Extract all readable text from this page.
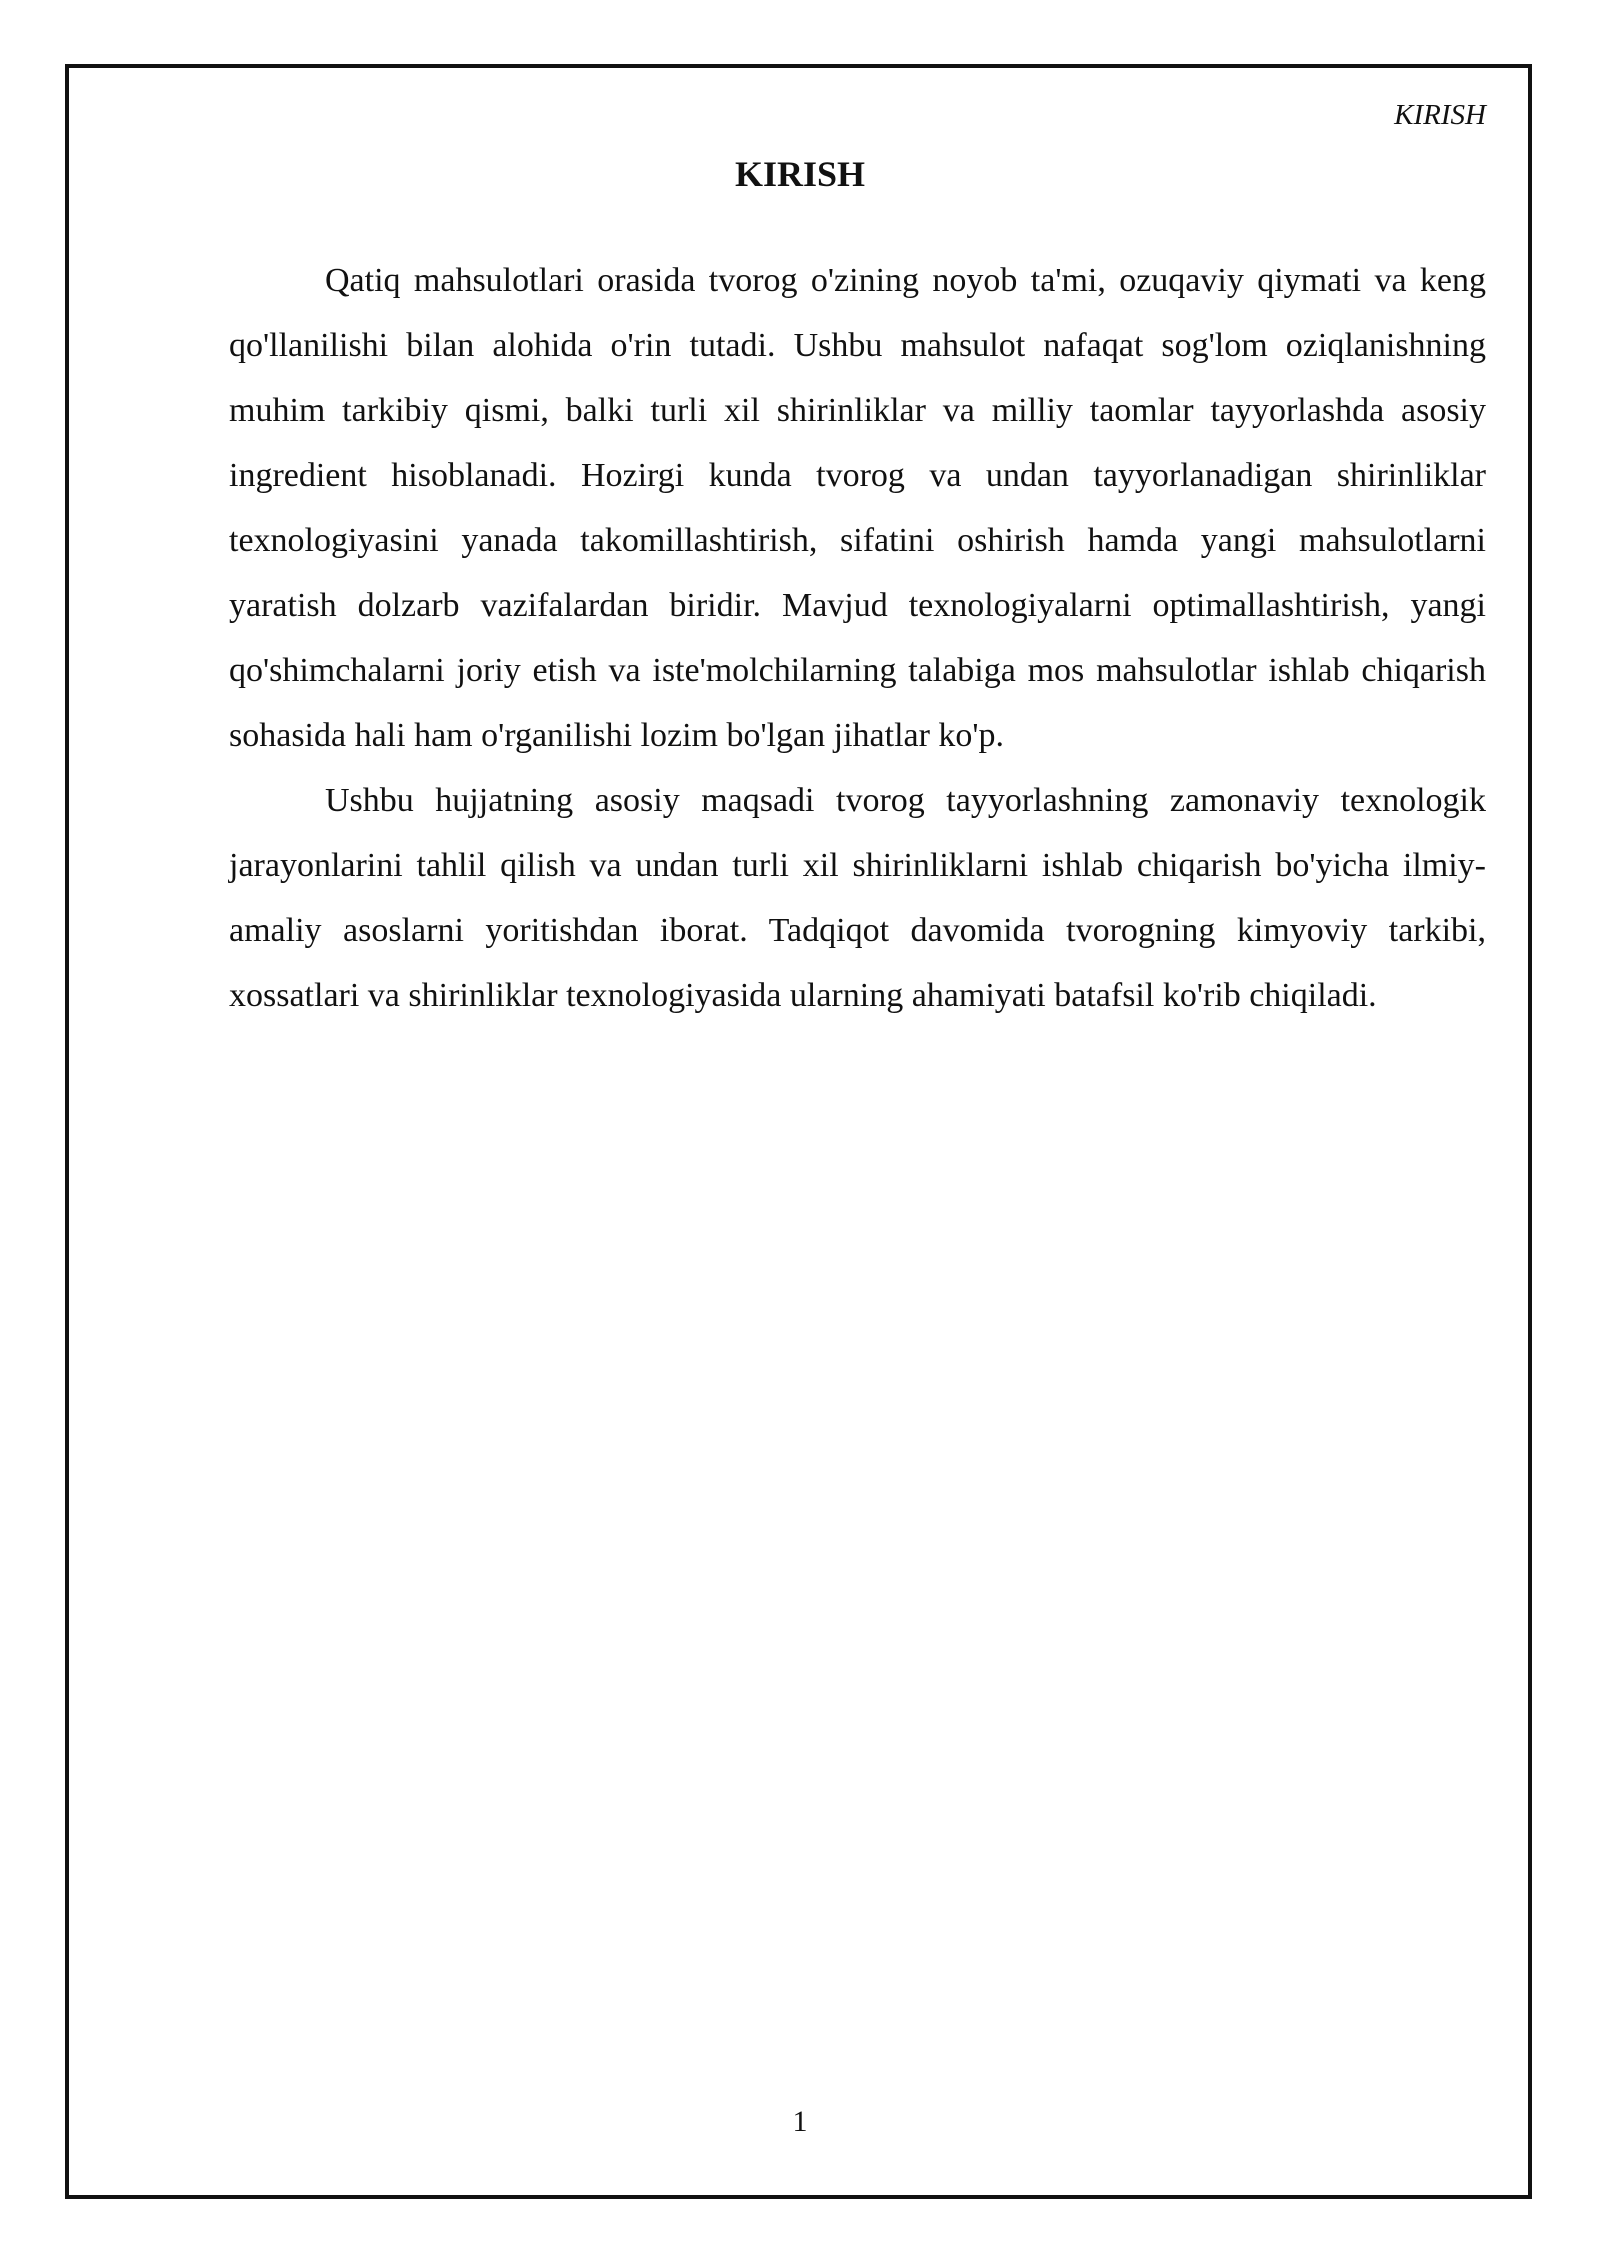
KIRISH
KIRISH

Qatiq mahsulotlari orasida tvorog o'zining noyob ta'mi, ozuqaviy qiymati va keng qo'llanilishi bilan alohida o'rin tutadi. Ushbu mahsulot nafaqat sog'lom oziqlanishning muhim tarkibiy qismi, balki turli xil shirinliklar va milliy taomlar tayyorlashda asosiy ingredient hisoblanadi. Hozirgi kunda tvorog va undan tayyorlanadigan shirinliklar texnologiyasini yanada takomillashtirish, sifatini oshirish hamda yangi mahsulotlarni yaratish dolzarb vazifalardan biridir. Mavjud texnologiyalarni optimallashtirish, yangi qo'shimchalarni joriy etish va iste'molchilarning talabiga mos mahsulotlar ishlab chiqarish sohasida hali ham o'rganilishi lozim bo'lgan jihatlar ko'p.

Ushbu hujjatning asosiy maqsadi tvorog tayyorlashning zamonaviy texnologik jarayonlarini tahlil qilish va undan turli xil shirinliklarni ishlab chiqarish bo'yicha ilmiy-amaliy asoslarni yoritishdan iborat. Tadqiqot davomida tvorogning kimyoviy tarkibi, xossatlari va shirinliklar texnologiyasida ularning ahamiyati batafsil ko'rib chiqiladi.

1
